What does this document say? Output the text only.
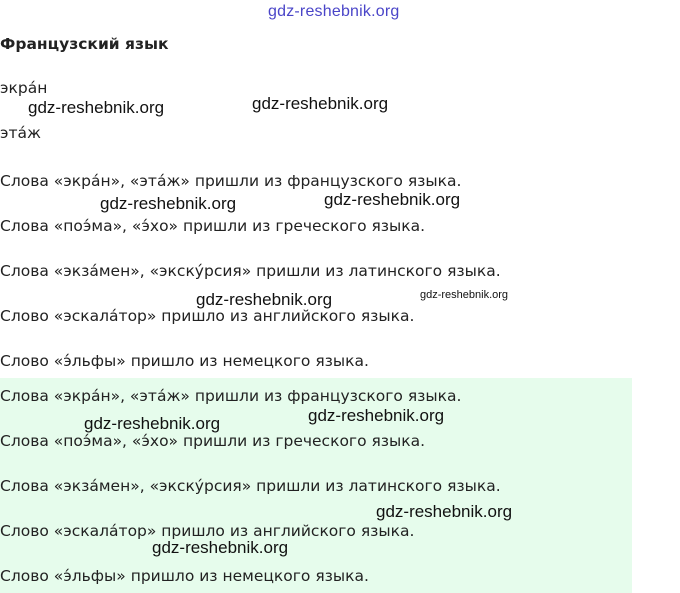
gdz-reshebnik.org
Французский язык
экра́н
эта́ж
Слова «экра́н», «эта́ж» пришли из французского языка.
Слова «поэ́ма», «э́хо» пришли из греческого языка.
Слова «экза́мен», «экску́рсия» пришли из латинского языка.
Слово «эскала́тор» пришло из английского языка.
Слово «э́льфы» пришло из немецкого языка.
Слова «экра́н», «эта́ж» пришли из французского языка.
Слова «поэ́ма», «э́хо» пришли из греческого языка.
Слова «экза́мен», «экску́рсия» пришли из латинского языка.
Слово «эскала́тор» пришло из английского языка.
Слово «э́льфы» пришло из немецкого языка.
gdz-reshebnik.org	gdz-reshebnik.org
gdz-reshebnik.org	gdz-reshebnik.org
gdz-reshebnik.org	gdz-reshebnik.org
gdz-reshebnik.org	gdz-reshebnik.org
gdz-reshebnik.org
gdz-reshebnik.org
